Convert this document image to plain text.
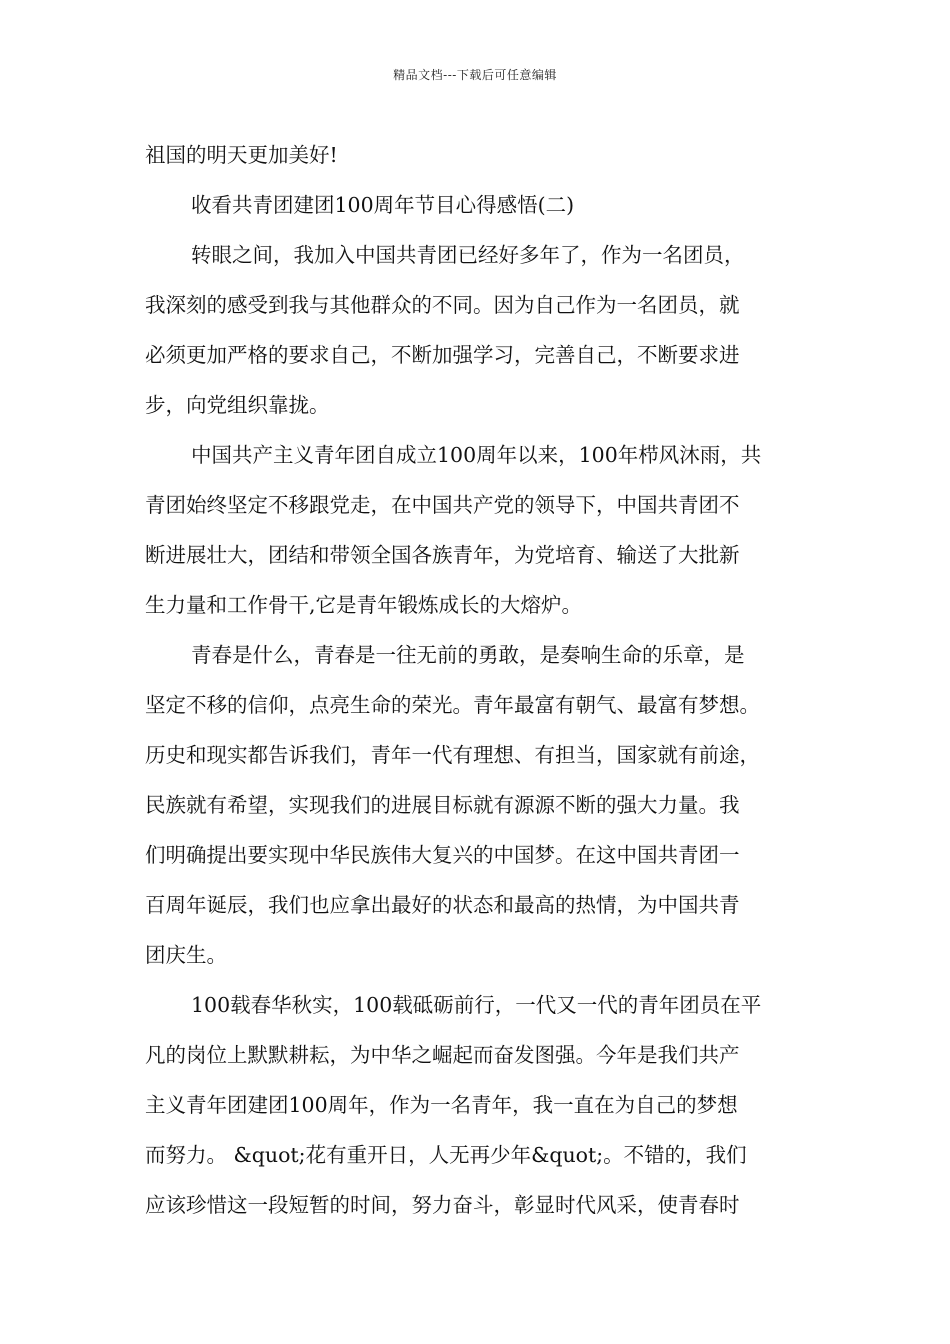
精品文档---下载后可任意编辑
祖国的明天更加美好!
收看共青团建团100周年节目心得感悟(二)
转眼之间，我加入中国共青团已经好多年了，作为一名团员，
我深刻的感受到我与其他群众的不同。因为自己作为一名团员，就
必须更加严格的要求自己，不断加强学习，完善自己，不断要求进
步，向党组织靠拢。
中国共产主义青年团自成立100周年以来，100年栉风沐雨，共
青团始终坚定不移跟党走，在中国共产党的领导下，中国共青团不
断进展壮大，团结和带领全国各族青年，为党培育、输送了大批新
生力量和工作骨干,它是青年锻炼成长的大熔炉。
青春是什么，青春是一往无前的勇敢，是奏响生命的乐章，是
坚定不移的信仰，点亮生命的荣光。青年最富有朝气、最富有梦想。
历史和现实都告诉我们，青年一代有理想、有担当，国家就有前途，
民族就有希望，实现我们的进展目标就有源源不断的强大力量。我
们明确提出要实现中华民族伟大复兴的中国梦。在这中国共青团一
百周年诞辰，我们也应拿出最好的状态和最高的热情，为中国共青
团庆生。
100载春华秋实，100载砥砺前行，一代又一代的青年团员在平
凡的岗位上默默耕耘，为中华之崛起而奋发图强。今年是我们共产
主义青年团建团100周年，作为一名青年，我一直在为自己的梦想
而努力。 &quot;花有重开日，人无再少年&quot;。不错的，我们
应该珍惜这一段短暂的时间，努力奋斗，彰显时代风采，使青春时
